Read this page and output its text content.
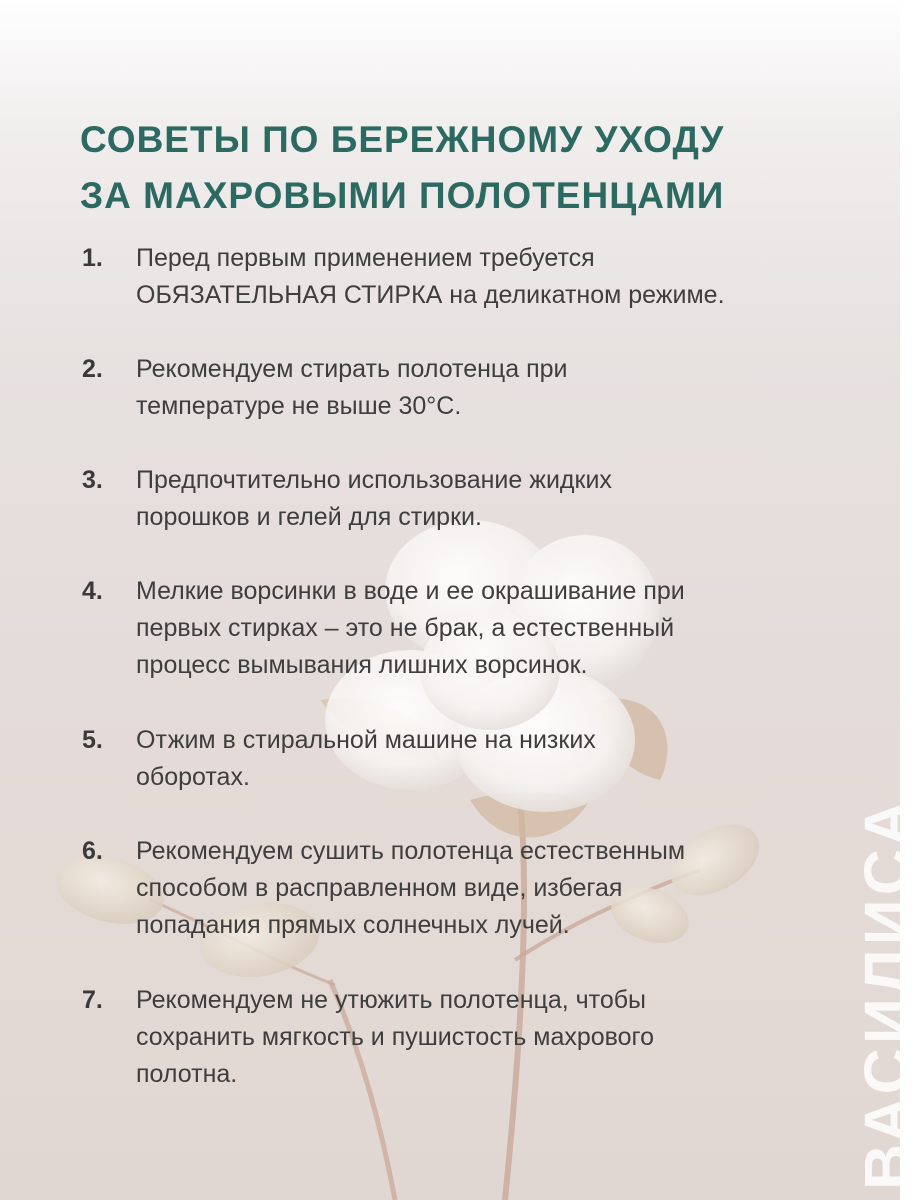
СОВЕТЫ ПО БЕРЕЖНОМУ УХОДУ
ЗА МАХРОВЫМИ ПОЛОТЕНЦАМИ
1. Перед первым применением требуется
ОБЯЗАТЕЛЬНАЯ СТИРКА на деликатном режиме.
2. Рекомендуем стирать полотенца при
температуре не выше 30°C.
3. Предпочтительно использование жидких
порошков и гелей для стирки.
4. Мелкие ворсинки в воде и ее окрашивание при
первых стирках – это не брак, а естественный
процесс вымывания лишних ворсинок.
5. Отжим в стиральной машине на низких
оборотах.
6. Рекомендуем сушить полотенца естественным
способом в расправленном виде, избегая
попадания прямых солнечных лучей.
7. Рекомендуем не утюжить полотенца, чтобы
сохранить мягкость и пушистость махрового
полотна.	ВАСИЛИСА
